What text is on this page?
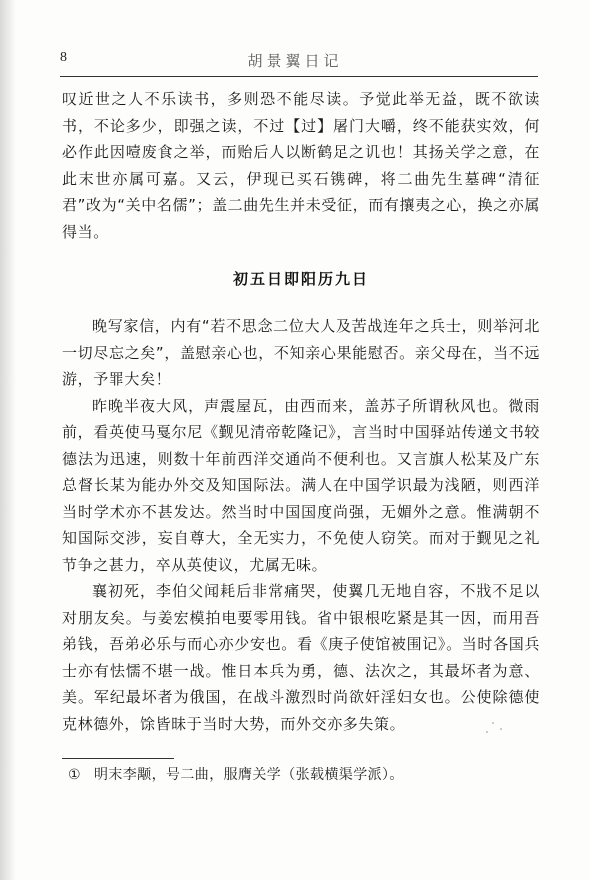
8	胡景翼日记

叹近世之人不乐读书，多则恐不能尽读。予觉此举无益，既不欲读书，不论多少，即强之读，不过【过】屠门大嚼，终不能获实效，何必作此因噎废食之举，而贻后人以断鹤足之讥也！其扬关学之意，在此末世亦属可嘉。又云，伊现已买石镌碑，将二曲先生墓碑“清征君”改为“关中名儒”；盖二曲先生并未受征，而有攘夷之心，换之亦属得当。

初五日即阳历九日

晚写家信，内有“若不思念二位大人及苦战连年之兵士，则举河北一切尽忘之矣”，盖慰亲心也，不知亲心果能慰否。亲父母在，当不远游，予罪大矣！

昨晚半夜大风，声震屋瓦，由西而来，盖苏子所谓秋风也。微雨前，看英使马戛尔尼《觐见清帝乾隆记》，言当时中国驿站传递文书较德法为迅速，则数十年前西洋交通尚不便利也。又言旗人松某及广东总督长某为能办外交及知国际法。满人在中国学识最为浅陋，则西洋当时学术亦不甚发达。然当时中国国度尚强，无媚外之意。惟满朝不知国际交涉，妄自尊大，全无实力，不免使人窃笑。而对于觐见之礼节争之甚力，卒从英使议，尤属无味。

襄初死，李伯父闻耗后非常痛哭，使翼几无地自容，不戕不足以对朋友矣。与姜宏模拍电要零用钱。省中银根吃紧是其一因，而用吾弟钱，吾弟必乐与而心亦少安也。看《庚子使馆被围记》。当时各国兵士亦有怯懦不堪一战。惟日本兵为勇，德、法次之，其最坏者为意、美。军纪最坏者为俄国，在战斗激烈时尚欲奸淫妇女也。公使除德使克林德外，馀皆昧于当时大势，而外交亦多失策。

① 明末李颙，号二曲，服膺关学（张载横渠学派）。
